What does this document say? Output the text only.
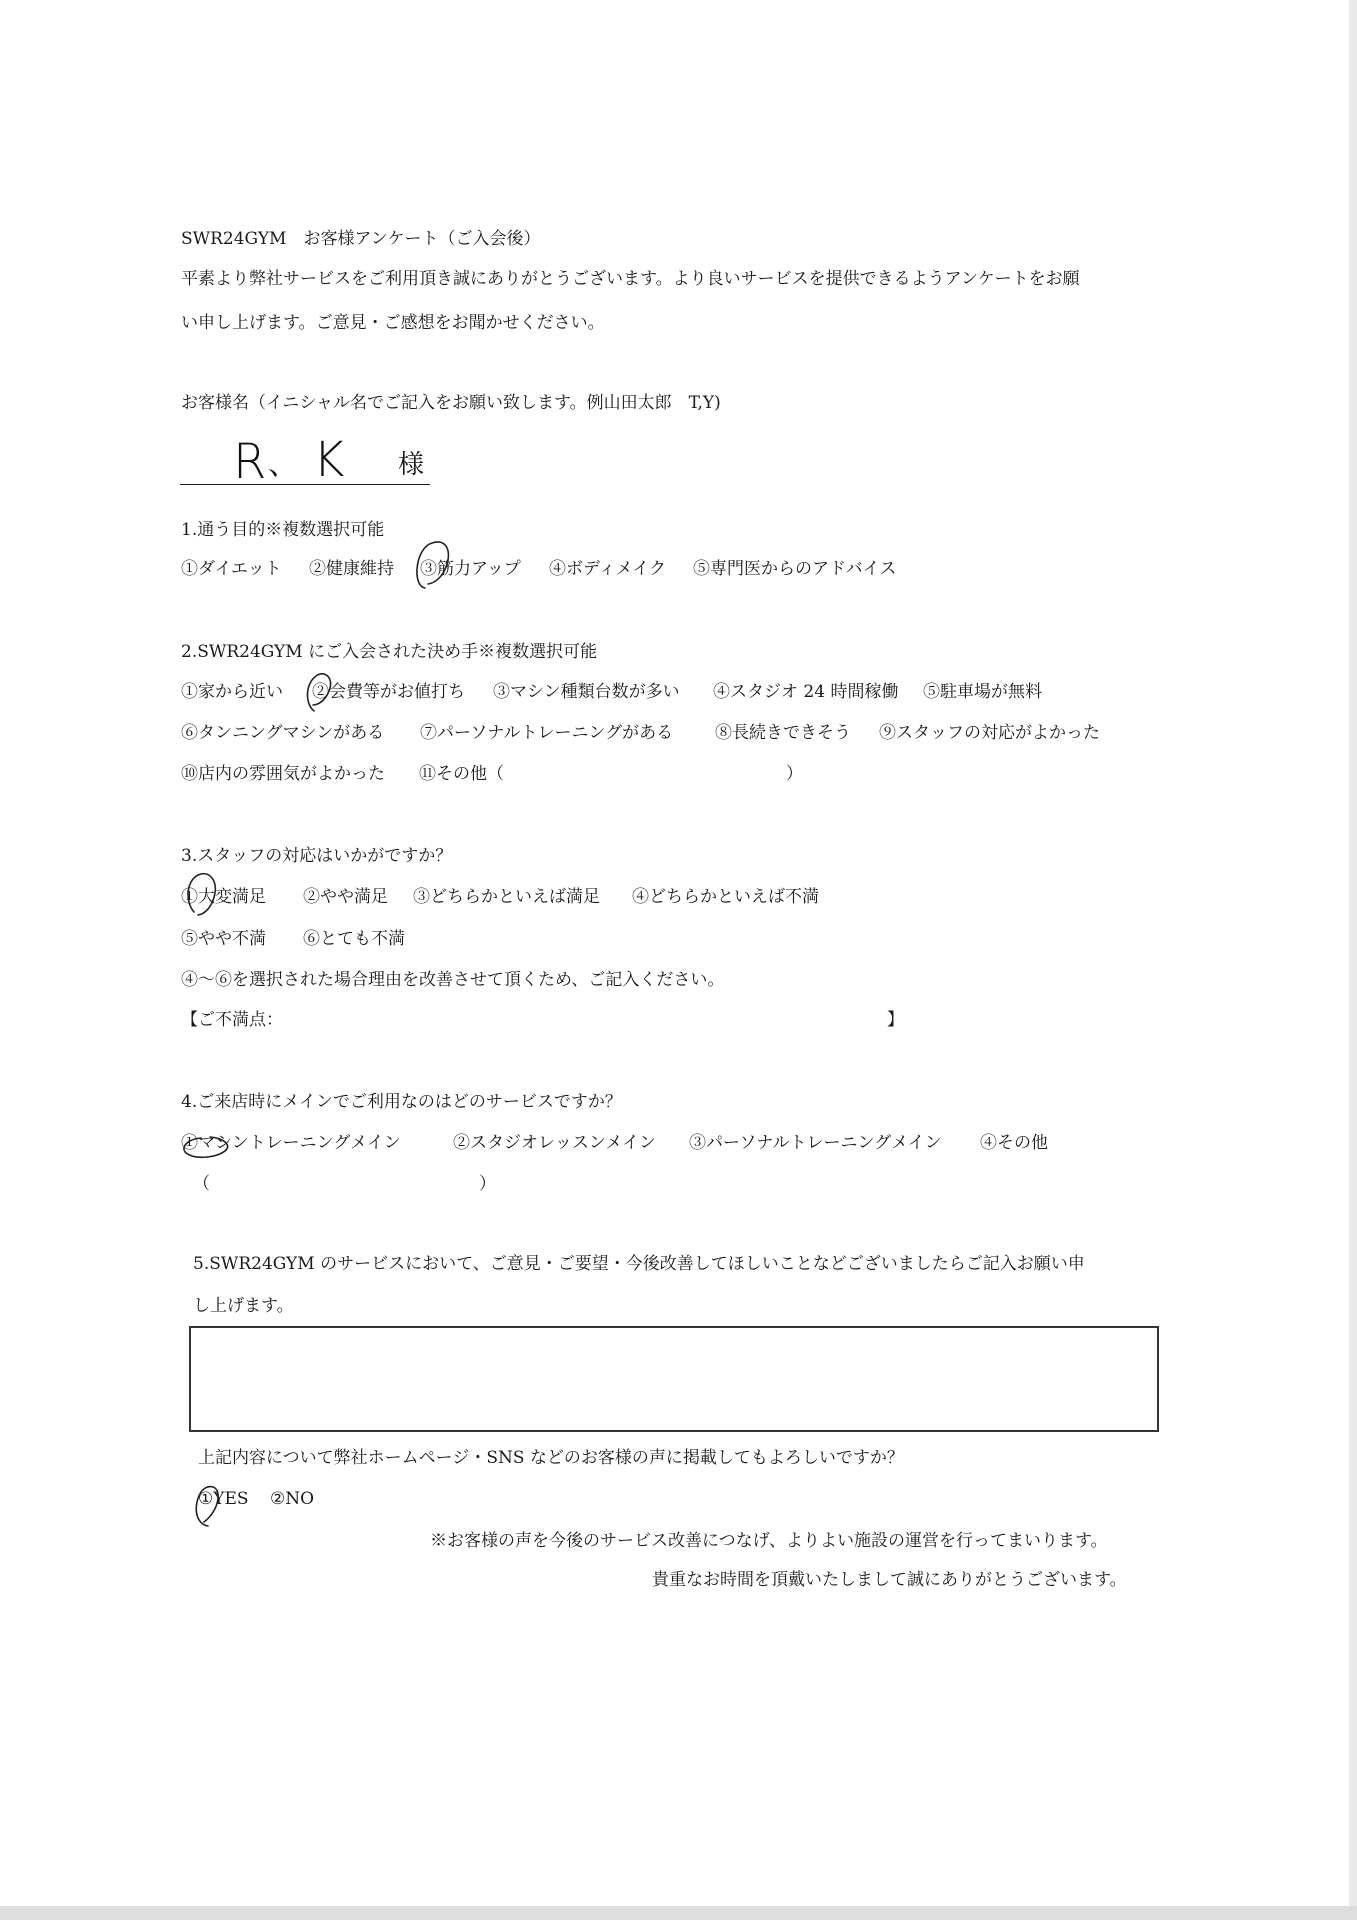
SWR24GYM　お客様アンケート（ご入会後）
平素より弊社サービスをご利用頂き誠にありがとうございます。より良いサービスを提供できるようアンケートをお願
い申し上げます。ご意見・ご感想をお聞かせください。
お客様名（イニシャル名でご記入をお願い致します。例山田太郎　T,Y)
R 、 K 様
1.通う目的※複数選択可能
①ダイエット ②健康維持 ③筋力アップ ④ボディメイク ⑤専門医からのアドバイス
2.SWR24GYM にご入会された決め手※複数選択可能
①家から近い ②会費等がお値打ち ③マシン種類台数が多い ④スタジオ 24 時間稼働 ⑤駐車場が無料
⑥タンニングマシンがある ⑦パーソナルトレーニングがある ⑧長続きできそう ⑨スタッフの対応がよかった
⑩店内の雰囲気がよかった ⑪その他（	）
3.スタッフの対応はいかがですか？
①大変満足 ②やや満足 ③どちらかといえば満足 ④どちらかといえば不満
⑤やや不満 ⑥とても不満
④～⑥を選択された場合理由を改善させて頂くため、ご記入ください。
【ご不満点：	】
4.ご来店時にメインでご利用なのはどのサービスですか？
①マシントレーニングメイン	②スタジオレッスンメイン ③パーソナルトレーニングメイン ④その他
（	）
5.SWR24GYM のサービスにおいて、ご意見・ご要望・今後改善してほしいことなどございましたらご記入お願い申
し上げます。
上記内容について弊社ホームページ・SNS などのお客様の声に掲載してもよろしいですか？
①YES ②NO
※お客様の声を今後のサービス改善につなげ、よりよい施設の運営を行ってまいります。
貴重なお時間を頂戴いたしまして誠にありがとうございます。
